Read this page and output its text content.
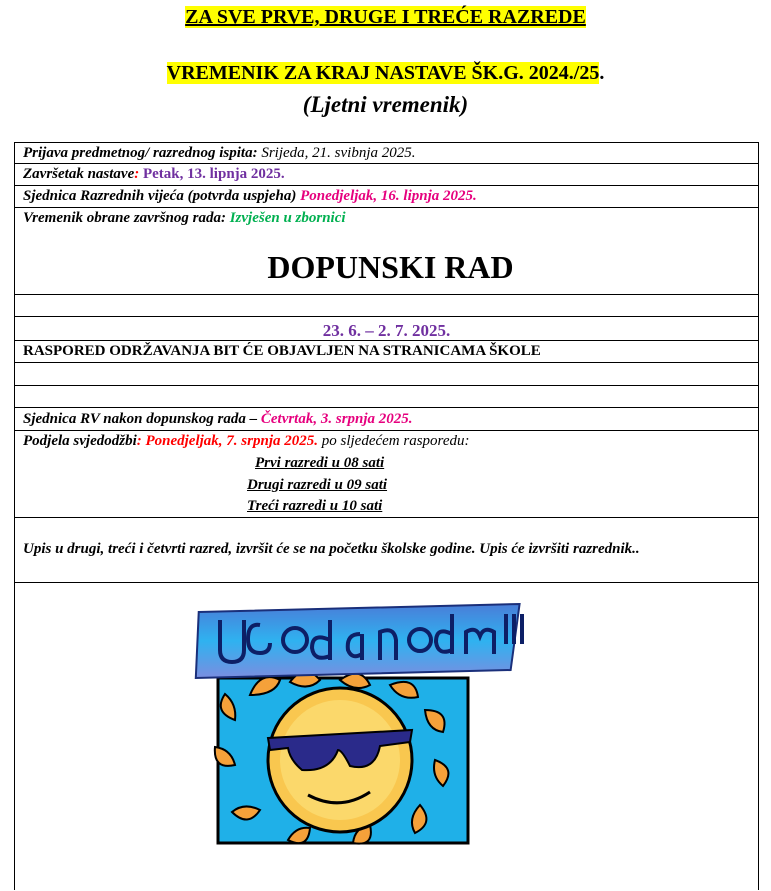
ZA SVE PRVE, DRUGE I TREĆE RAZREDE
VREMENIK ZA KRAJ NASTAVE ŠK.G. 2024./25.
(Ljetni vremenik)
Prijava predmetnog/ razrednog ispita: Srijeda, 21. svibnja 2025.
Završetak nastave: Petak, 13. lipnja 2025.
Sjednica Razrednih vijeća (potvrda uspjeha) Ponedjeljak, 16. lipnja 2025.
Vremenik obrane završnog rada: Izvješen u zbornici
DOPUNSKI RAD
23. 6. – 2. 7. 2025.
RASPORED ODRŽAVANJA BIT ĆE OBJAVLJEN NA STRANICAMA ŠKOLE
Sjednica RV nakon dopunskog rada – Četvrtak, 3. srpnja 2025.
Podjela svjedodžbi: Ponedjeljak, 7. srpnja 2025. po sljedećem rasporedu:
Prvi razredi u 08 sati
Drugi razredi u 09 sati
Treći razredi u 10 sati
Upis u drugi, treći i četvrti razred, izvršit će se na početku školske godine. Upis će izvršiti razrednik..
